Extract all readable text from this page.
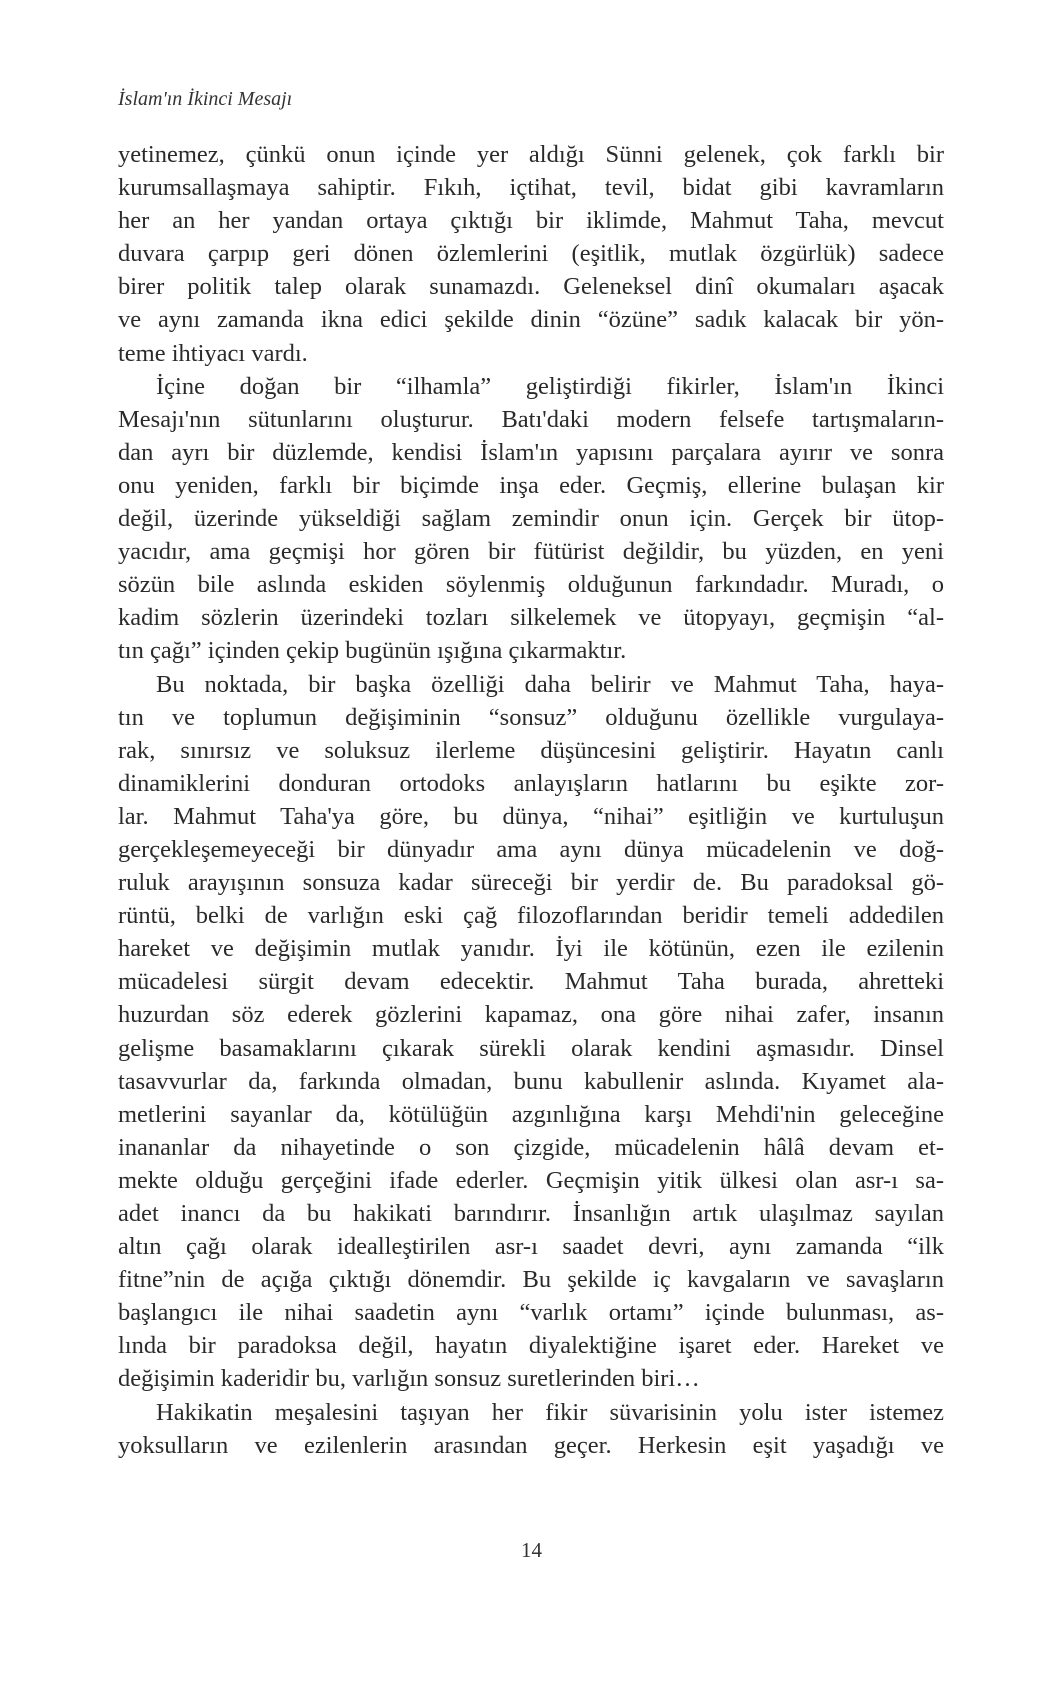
İslam'ın İkinci Mesajı
yetinemez, çünkü onun içinde yer aldığı Sünni gelenek, çok farklı bir
kurumsallaşmaya sahiptir. Fıkıh, içtihat, tevil, bidat gibi kavramların
her an her yandan ortaya çıktığı bir iklimde, Mahmut Taha, mevcut
duvara çarpıp geri dönen özlemlerini (eşitlik, mutlak özgürlük) sadece
birer politik talep olarak sunamazdı. Geleneksel dinî okumaları aşacak
ve aynı zamanda ikna edici şekilde dinin “özüne” sadık kalacak bir yön-
teme ihtiyacı vardı.
İçine doğan bir “ilhamla” geliştirdiği fikirler, İslam'ın İkinci
Mesajı'nın sütunlarını oluşturur. Batı'daki modern felsefe tartışmaların-
dan ayrı bir düzlemde, kendisi İslam'ın yapısını parçalara ayırır ve sonra
onu yeniden, farklı bir biçimde inşa eder. Geçmiş, ellerine bulaşan kir
değil, üzerinde yükseldiği sağlam zemindir onun için. Gerçek bir ütop-
yacıdır, ama geçmişi hor gören bir fütürist değildir, bu yüzden, en yeni
sözün bile aslında eskiden söylenmiş olduğunun farkındadır. Muradı, o
kadim sözlerin üzerindeki tozları silkelemek ve ütopyayı, geçmişin “al-
tın çağı” içinden çekip bugünün ışığına çıkarmaktır.
Bu noktada, bir başka özelliği daha belirir ve Mahmut Taha, haya-
tın ve toplumun değişiminin “sonsuz” olduğunu özellikle vurgulaya-
rak, sınırsız ve soluksuz ilerleme düşüncesini geliştirir. Hayatın canlı
dinamiklerini donduran ortodoks anlayışların hatlarını bu eşikte zor-
lar. Mahmut Taha'ya göre, bu dünya, “nihai” eşitliğin ve kurtuluşun
gerçekleşemeyeceği bir dünyadır ama aynı dünya mücadelenin ve doğ-
ruluk arayışının sonsuza kadar süreceği bir yerdir de. Bu paradoksal gö-
rüntü, belki de varlığın eski çağ filozoflarından beridir temeli addedilen
hareket ve değişimin mutlak yanıdır. İyi ile kötünün, ezen ile ezilenin
mücadelesi sürgit devam edecektir. Mahmut Taha burada, ahretteki
huzurdan söz ederek gözlerini kapamaz, ona göre nihai zafer, insanın
gelişme basamaklarını çıkarak sürekli olarak kendini aşmasıdır. Dinsel
tasavvurlar da, farkında olmadan, bunu kabullenir aslında. Kıyamet ala-
metlerini sayanlar da, kötülüğün azgınlığına karşı Mehdi'nin geleceğine
inananlar da nihayetinde o son çizgide, mücadelenin hâlâ devam et-
mekte olduğu gerçeğini ifade ederler. Geçmişin yitik ülkesi olan asr-ı sa-
adet inancı da bu hakikati barındırır. İnsanlığın artık ulaşılmaz sayılan
altın çağı olarak idealleştirilen asr-ı saadet devri, aynı zamanda “ilk
fitne”nin de açığa çıktığı dönemdir. Bu şekilde iç kavgaların ve savaşların
başlangıcı ile nihai saadetin aynı “varlık ortamı” içinde bulunması, as-
lında bir paradoksa değil, hayatın diyalektiğine işaret eder. Hareket ve
değişimin kaderidir bu, varlığın sonsuz suretlerinden biri…
Hakikatin meşalesini taşıyan her fikir süvarisinin yolu ister istemez
yoksulların ve ezilenlerin arasından geçer. Herkesin eşit yaşadığı ve
14
